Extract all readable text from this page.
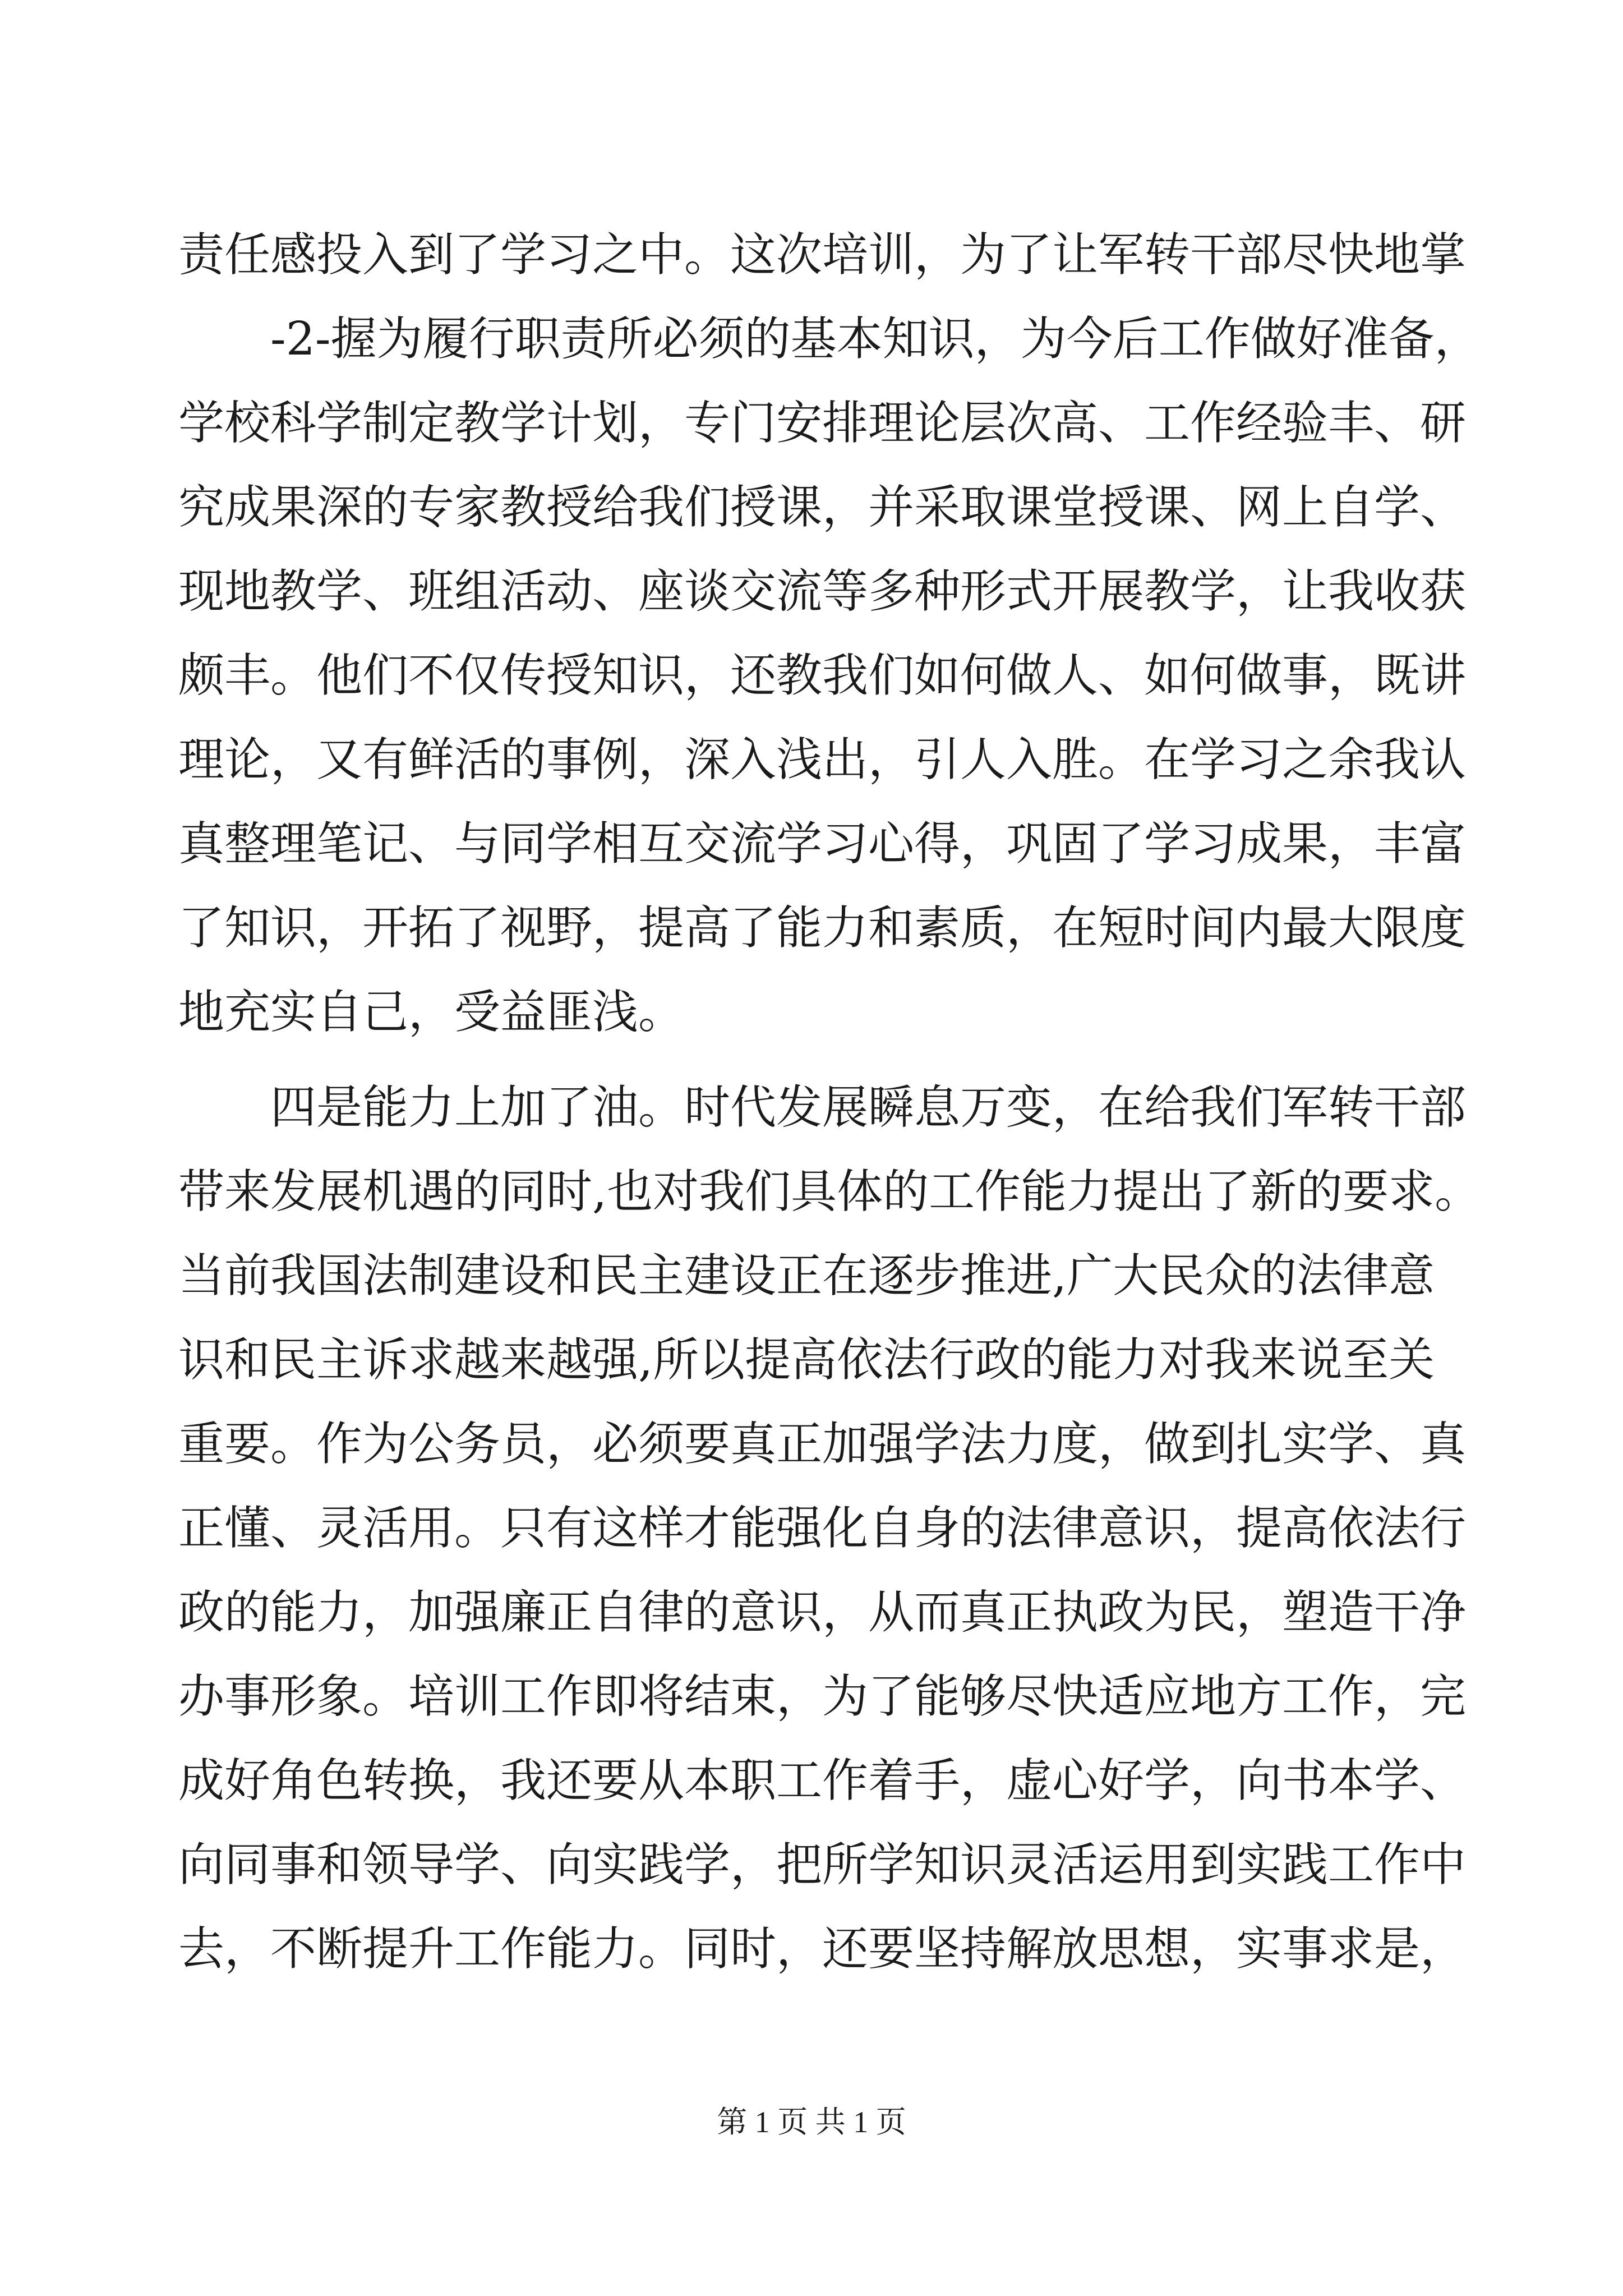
责任感投入到了学习之中。这次培训，为了让军转干部尽快地掌
　　-2-握为履行职责所必须的基本知识，为今后工作做好准备，
学校科学制定教学计划，专门安排理论层次高、工作经验丰、研
究成果深的专家教授给我们授课，并采取课堂授课、网上自学、
现地教学、班组活动、座谈交流等多种形式开展教学，让我收获
颇丰。他们不仅传授知识，还教我们如何做人、如何做事，既讲
理论，又有鲜活的事例，深入浅出，引人入胜。在学习之余我认
真整理笔记、与同学相互交流学习心得，巩固了学习成果，丰富
了知识，开拓了视野，提高了能力和素质，在短时间内最大限度
地充实自己，受益匪浅。
　　四是能力上加了油。时代发展瞬息万变，在给我们军转干部
带来发展机遇的同时,也对我们具体的工作能力提出了新的要求。
当前我国法制建设和民主建设正在逐步推进,广大民众的法律意
识和民主诉求越来越强,所以提高依法行政的能力对我来说至关
重要。作为公务员，必须要真正加强学法力度，做到扎实学、真
正懂、灵活用。只有这样才能强化自身的法律意识，提高依法行
政的能力，加强廉正自律的意识，从而真正执政为民，塑造干净
办事形象。培训工作即将结束，为了能够尽快适应地方工作，完
成好角色转换，我还要从本职工作着手，虚心好学，向书本学、
向同事和领导学、向实践学，把所学知识灵活运用到实践工作中
去，不断提升工作能力。同时，还要坚持解放思想，实事求是，
第 1 页 共 1 页
